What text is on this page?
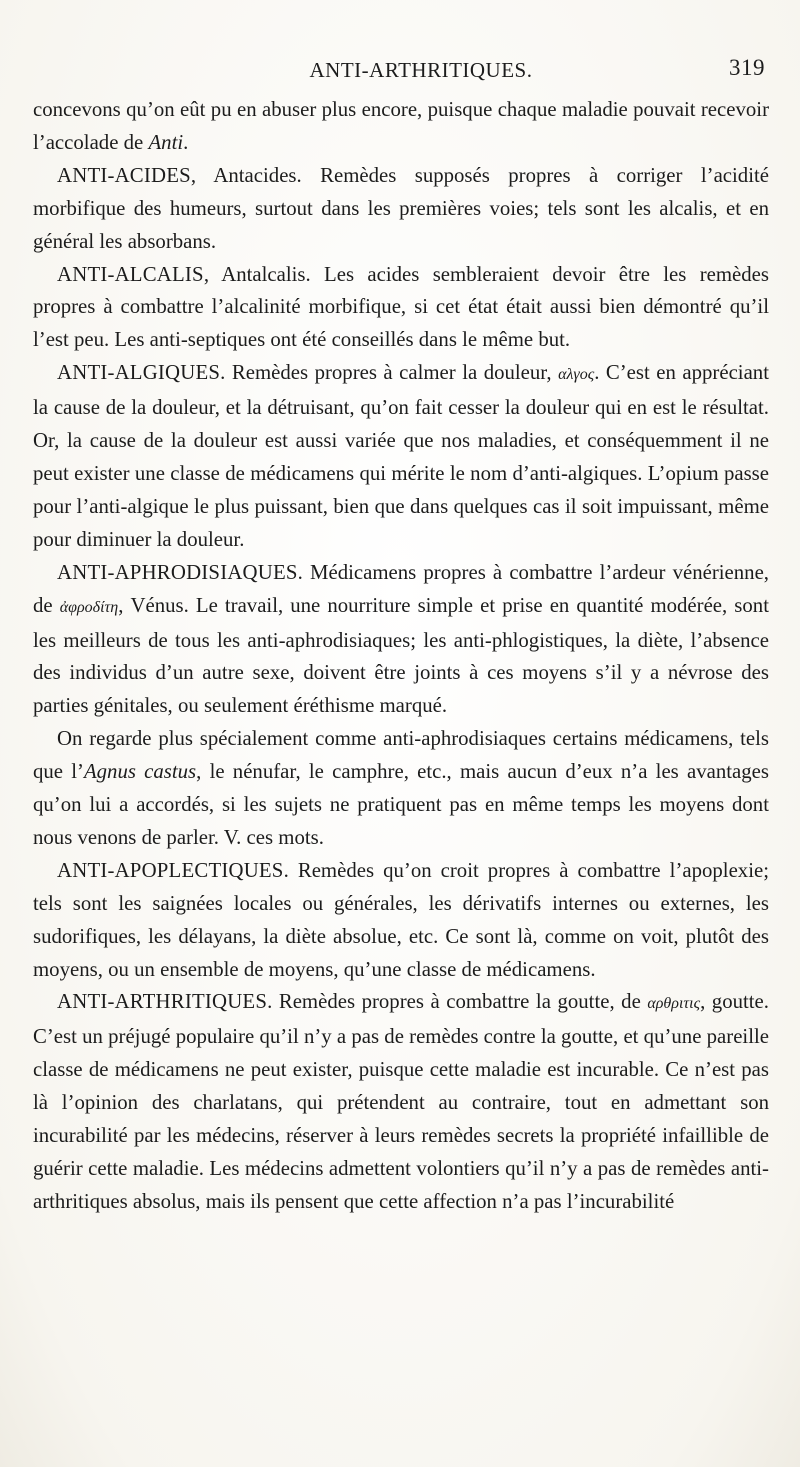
ANTI-ARTHRITIQUES.	319

concevons qu’on eût pu en abuser plus encore, puisque chaque maladie pouvait recevoir l’accolade de Anti.

ANTI-ACIDES, Antacides. Remèdes supposés propres à corriger l’acidité morbifique des humeurs, surtout dans les premières voies; tels sont les alcalis, et en général les absorbans.

ANTI-ALCALIS, Antalcalis. Les acides sembleraient devoir être les remèdes propres à combattre l’alcalinité morbifique, si cet état était aussi bien démontré qu’il l’est peu. Les anti-septiques ont été conseillés dans le même but.

ANTI-ALGIQUES. Remèdes propres à calmer la douleur, αλγος. C’est en appréciant la cause de la douleur, et la détruisant, qu’on fait cesser la douleur qui en est le résultat. Or, la cause de la douleur est aussi variée que nos maladies, et conséquemment il ne peut exister une classe de médicamens qui mérite le nom d’anti-algiques. L’opium passe pour l’anti-algique le plus puissant, bien que dans quelques cas il soit impuissant, même pour diminuer la douleur.

ANTI-APHRODISIAQUES. Médicamens propres à combattre l’ardeur vénérienne, de ἀφροδίτη, Vénus. Le travail, une nourriture simple et prise en quantité modérée, sont les meilleurs de tous les anti-aphrodisiaques; les anti-phlogistiques, la diète, l’absence des individus d’un autre sexe, doivent être joints à ces moyens s’il y a névrose des parties génitales, ou seulement éréthisme marqué.

On regarde plus spécialement comme anti-aphrodisiaques certains médicamens, tels que l’Agnus castus, le nénufar, le camphre, etc., mais aucun d’eux n’a les avantages qu’on lui a accordés, si les sujets ne pratiquent pas en même temps les moyens dont nous venons de parler. V. ces mots.

ANTI-APOPLECTIQUES. Remèdes qu’on croit propres à combattre l’apoplexie; tels sont les saignées locales ou générales, les dérivatifs internes ou externes, les sudorifiques, les délayans, la diète absolue, etc. Ce sont là, comme on voit, plutôt des moyens, ou un ensemble de moyens, qu’une classe de médicamens.

ANTI-ARTHRITIQUES. Remèdes propres à combattre la goutte, de αρθριτις, goutte. C’est un préjugé populaire qu’il n’y a pas de remèdes contre la goutte, et qu’une pareille classe de médicamens ne peut exister, puisque cette maladie est incurable. Ce n’est pas là l’opinion des charlatans, qui prétendent au contraire, tout en admettant son incurabilité par les médecins, réserver à leurs remèdes secrets la propriété infaillible de guérir cette maladie. Les médecins admettent volontiers qu’il n’y a pas de remèdes anti-arthritiques absolus, mais ils pensent que cette affection n’a pas l’incurabilité
